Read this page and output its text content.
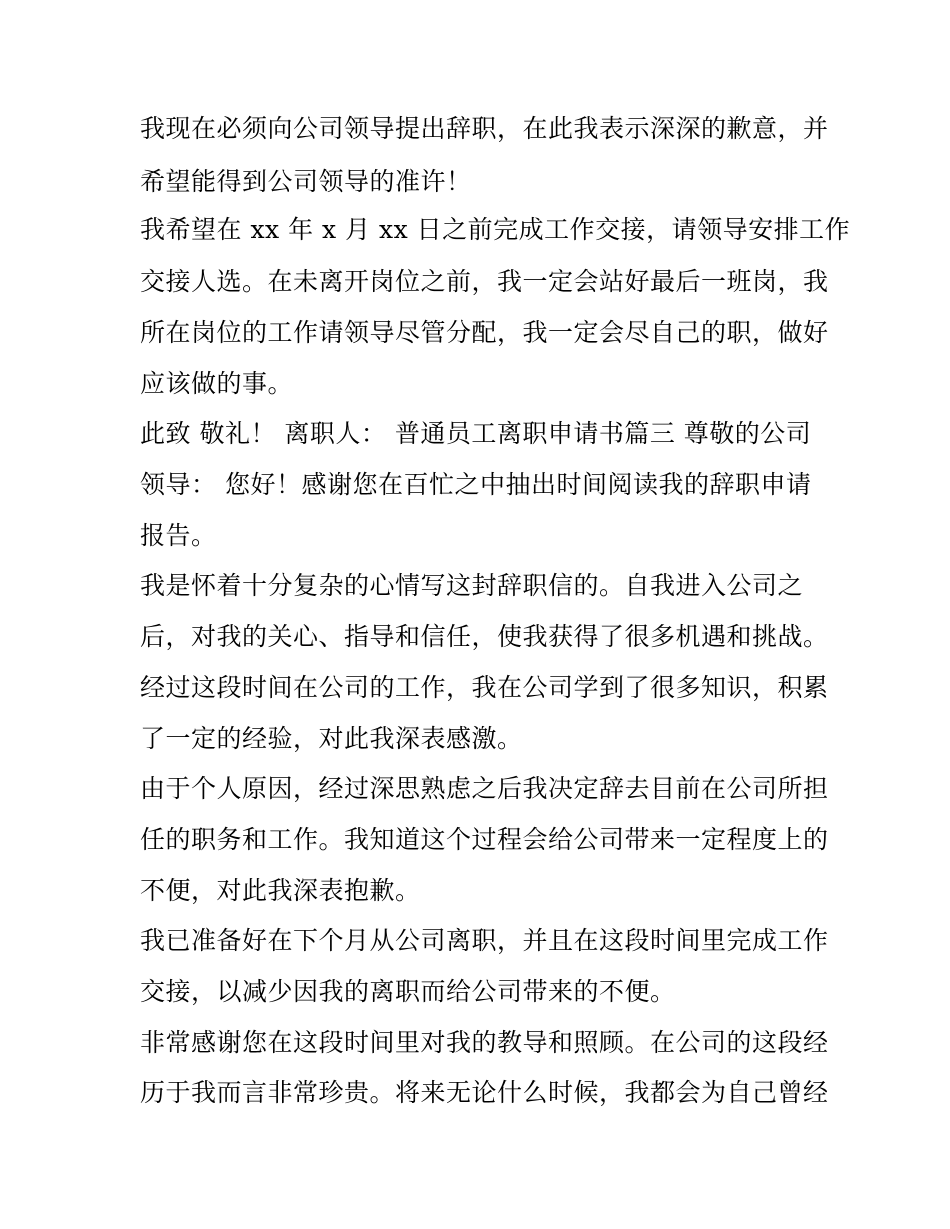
我现在必须向公司领导提出辞职，在此我表示深深的歉意，并
希望能得到公司领导的准许！
我希望在 xx 年 x 月 xx 日之前完成工作交接，请领导安排工作
交接人选。在未离开岗位之前，我一定会站好最后一班岗，我
所在岗位的工作请领导尽管分配，我一定会尽自己的职，做好
应该做的事。
此致 敬礼！ 离职人： 普通员工离职申请书篇三 尊敬的公司
领导： 您好！感谢您在百忙之中抽出时间阅读我的辞职申请
报告。
我是怀着十分复杂的心情写这封辞职信的。自我进入公司之
后，对我的关心、指导和信任，使我获得了很多机遇和挑战。
经过这段时间在公司的工作，我在公司学到了很多知识，积累
了一定的经验，对此我深表感激。
由于个人原因，经过深思熟虑之后我决定辞去目前在公司所担
任的职务和工作。我知道这个过程会给公司带来一定程度上的
不便，对此我深表抱歉。
我已准备好在下个月从公司离职，并且在这段时间里完成工作
交接，以减少因我的离职而给公司带来的不便。
非常感谢您在这段时间里对我的教导和照顾。在公司的这段经
历于我而言非常珍贵。将来无论什么时候，我都会为自己曾经
